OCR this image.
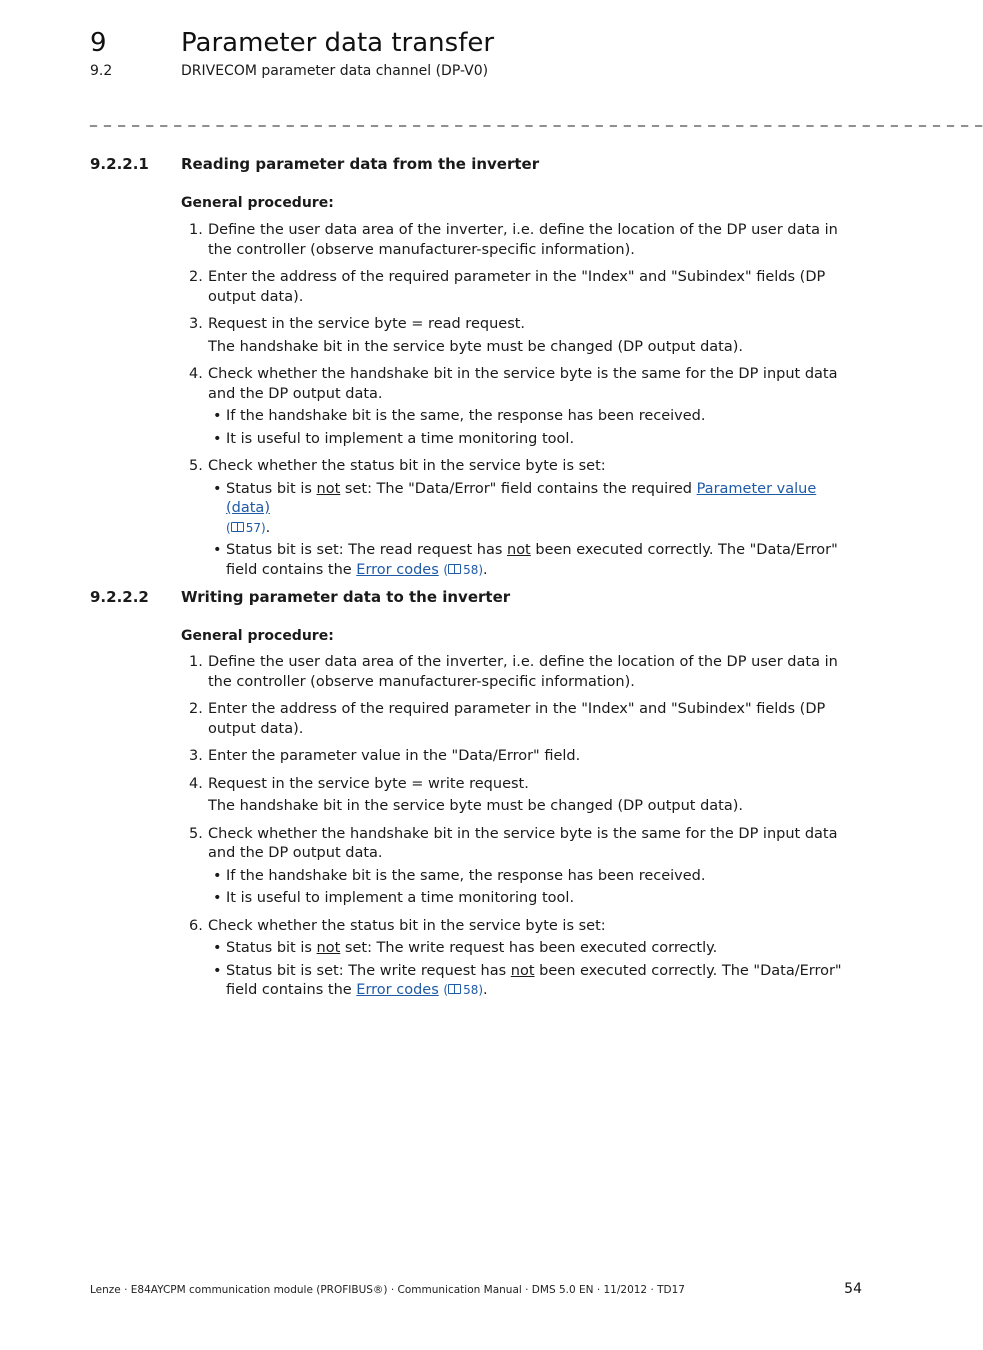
9	Parameter data transfer
9.2	DRIVECOM parameter data channel (DP-V0)
_ _ _ _ _ _ _ _ _ _ _ _ _ _ _ _ _ _ _ _ _ _ _ _ _ _ _ _ _ _ _ _ _ _ _ _ _ _ _ _ _ _ _ _ _ _ _ _ _ _ _ _ _ _ _ _ _ _ _ _ _ _ _ _
9.2.2.1 Reading parameter data from the inverter
General procedure:
1. Define the user data area of the inverter, i.e. define the location of the DP user data in the controller (observe manufacturer-specific information).
2. Enter the address of the required parameter in the "Index" and "Subindex" fields (DP output data).
3. Request in the service byte = read request.
The handshake bit in the service byte must be changed (DP output data).
4. Check whether the handshake bit in the service byte is the same for the DP input data and the DP output data.
• If the handshake bit is the same, the response has been received.
• It is useful to implement a time monitoring tool.
5. Check whether the status bit in the service byte is set:
• Status bit is not set: The "Data/Error" field contains the required Parameter value (data)
( 57).
• Status bit is set: The read request has not been executed correctly. The "Data/Error" field contains the Error codes ( 58).
9.2.2.2 Writing parameter data to the inverter
General procedure:
1. Define the user data area of the inverter, i.e. define the location of the DP user data in the controller (observe manufacturer-specific information).
2. Enter the address of the required parameter in the "Index" and "Subindex" fields (DP output data).
3. Enter the parameter value in the "Data/Error" field.
4. Request in the service byte = write request.
The handshake bit in the service byte must be changed (DP output data).
5. Check whether the handshake bit in the service byte is the same for the DP input data and the DP output data.
• If the handshake bit is the same, the response has been received.
• It is useful to implement a time monitoring tool.
6. Check whether the status bit in the service byte is set:
• Status bit is not set: The write request has been executed correctly.
• Status bit is set: The write request has not been executed correctly. The "Data/Error" field contains the Error codes ( 58).
Lenze · E84AYCPM communication module (PROFIBUS®) · Communication Manual · DMS 5.0 EN · 11/2012 · TD17	54
